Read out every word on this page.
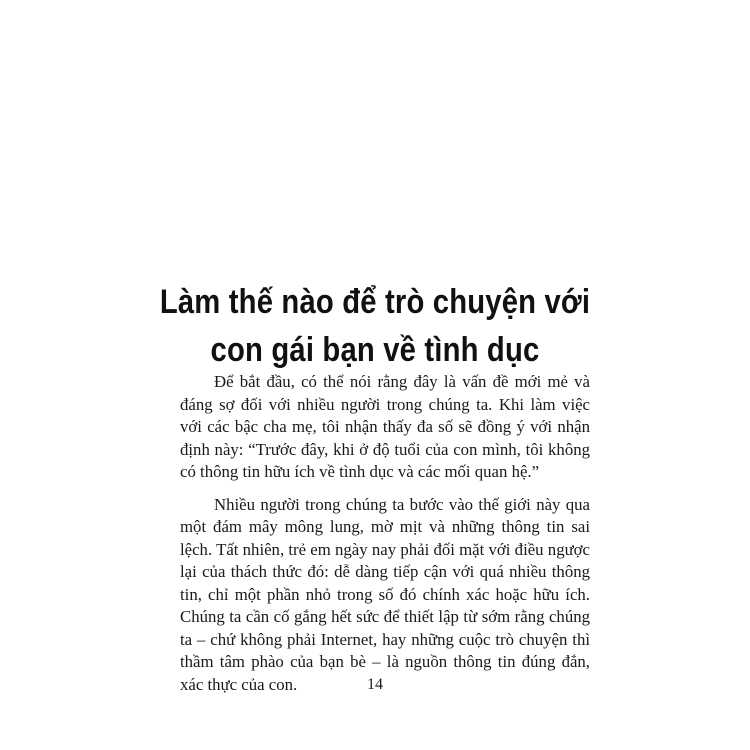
Làm thế nào để trò chuyện với
con gái bạn về tình dục

Để bắt đầu, có thể nói rằng đây là vấn đề mới mẻ và đáng sợ đối với nhiều người trong chúng ta. Khi làm việc với các bậc cha mẹ, tôi nhận thấy đa số sẽ đồng ý với nhận định này: “Trước đây, khi ở độ tuổi của con mình, tôi không có thông tin hữu ích về tình dục và các mối quan hệ.”

Nhiều người trong chúng ta bước vào thế giới này qua một đám mây mông lung, mờ mịt và những thông tin sai lệch. Tất nhiên, trẻ em ngày nay phải đối mặt với điều ngược lại của thách thức đó: dễ dàng tiếp cận với quá nhiều thông tin, chỉ một phần nhỏ trong số đó chính xác hoặc hữu ích. Chúng ta cần cố gắng hết sức để thiết lập từ sớm rằng chúng ta – chứ không phải Internet, hay những cuộc trò chuyện thì thầm tâm phào của bạn bè – là nguồn thông tin đúng đắn, xác thực của con.	14
